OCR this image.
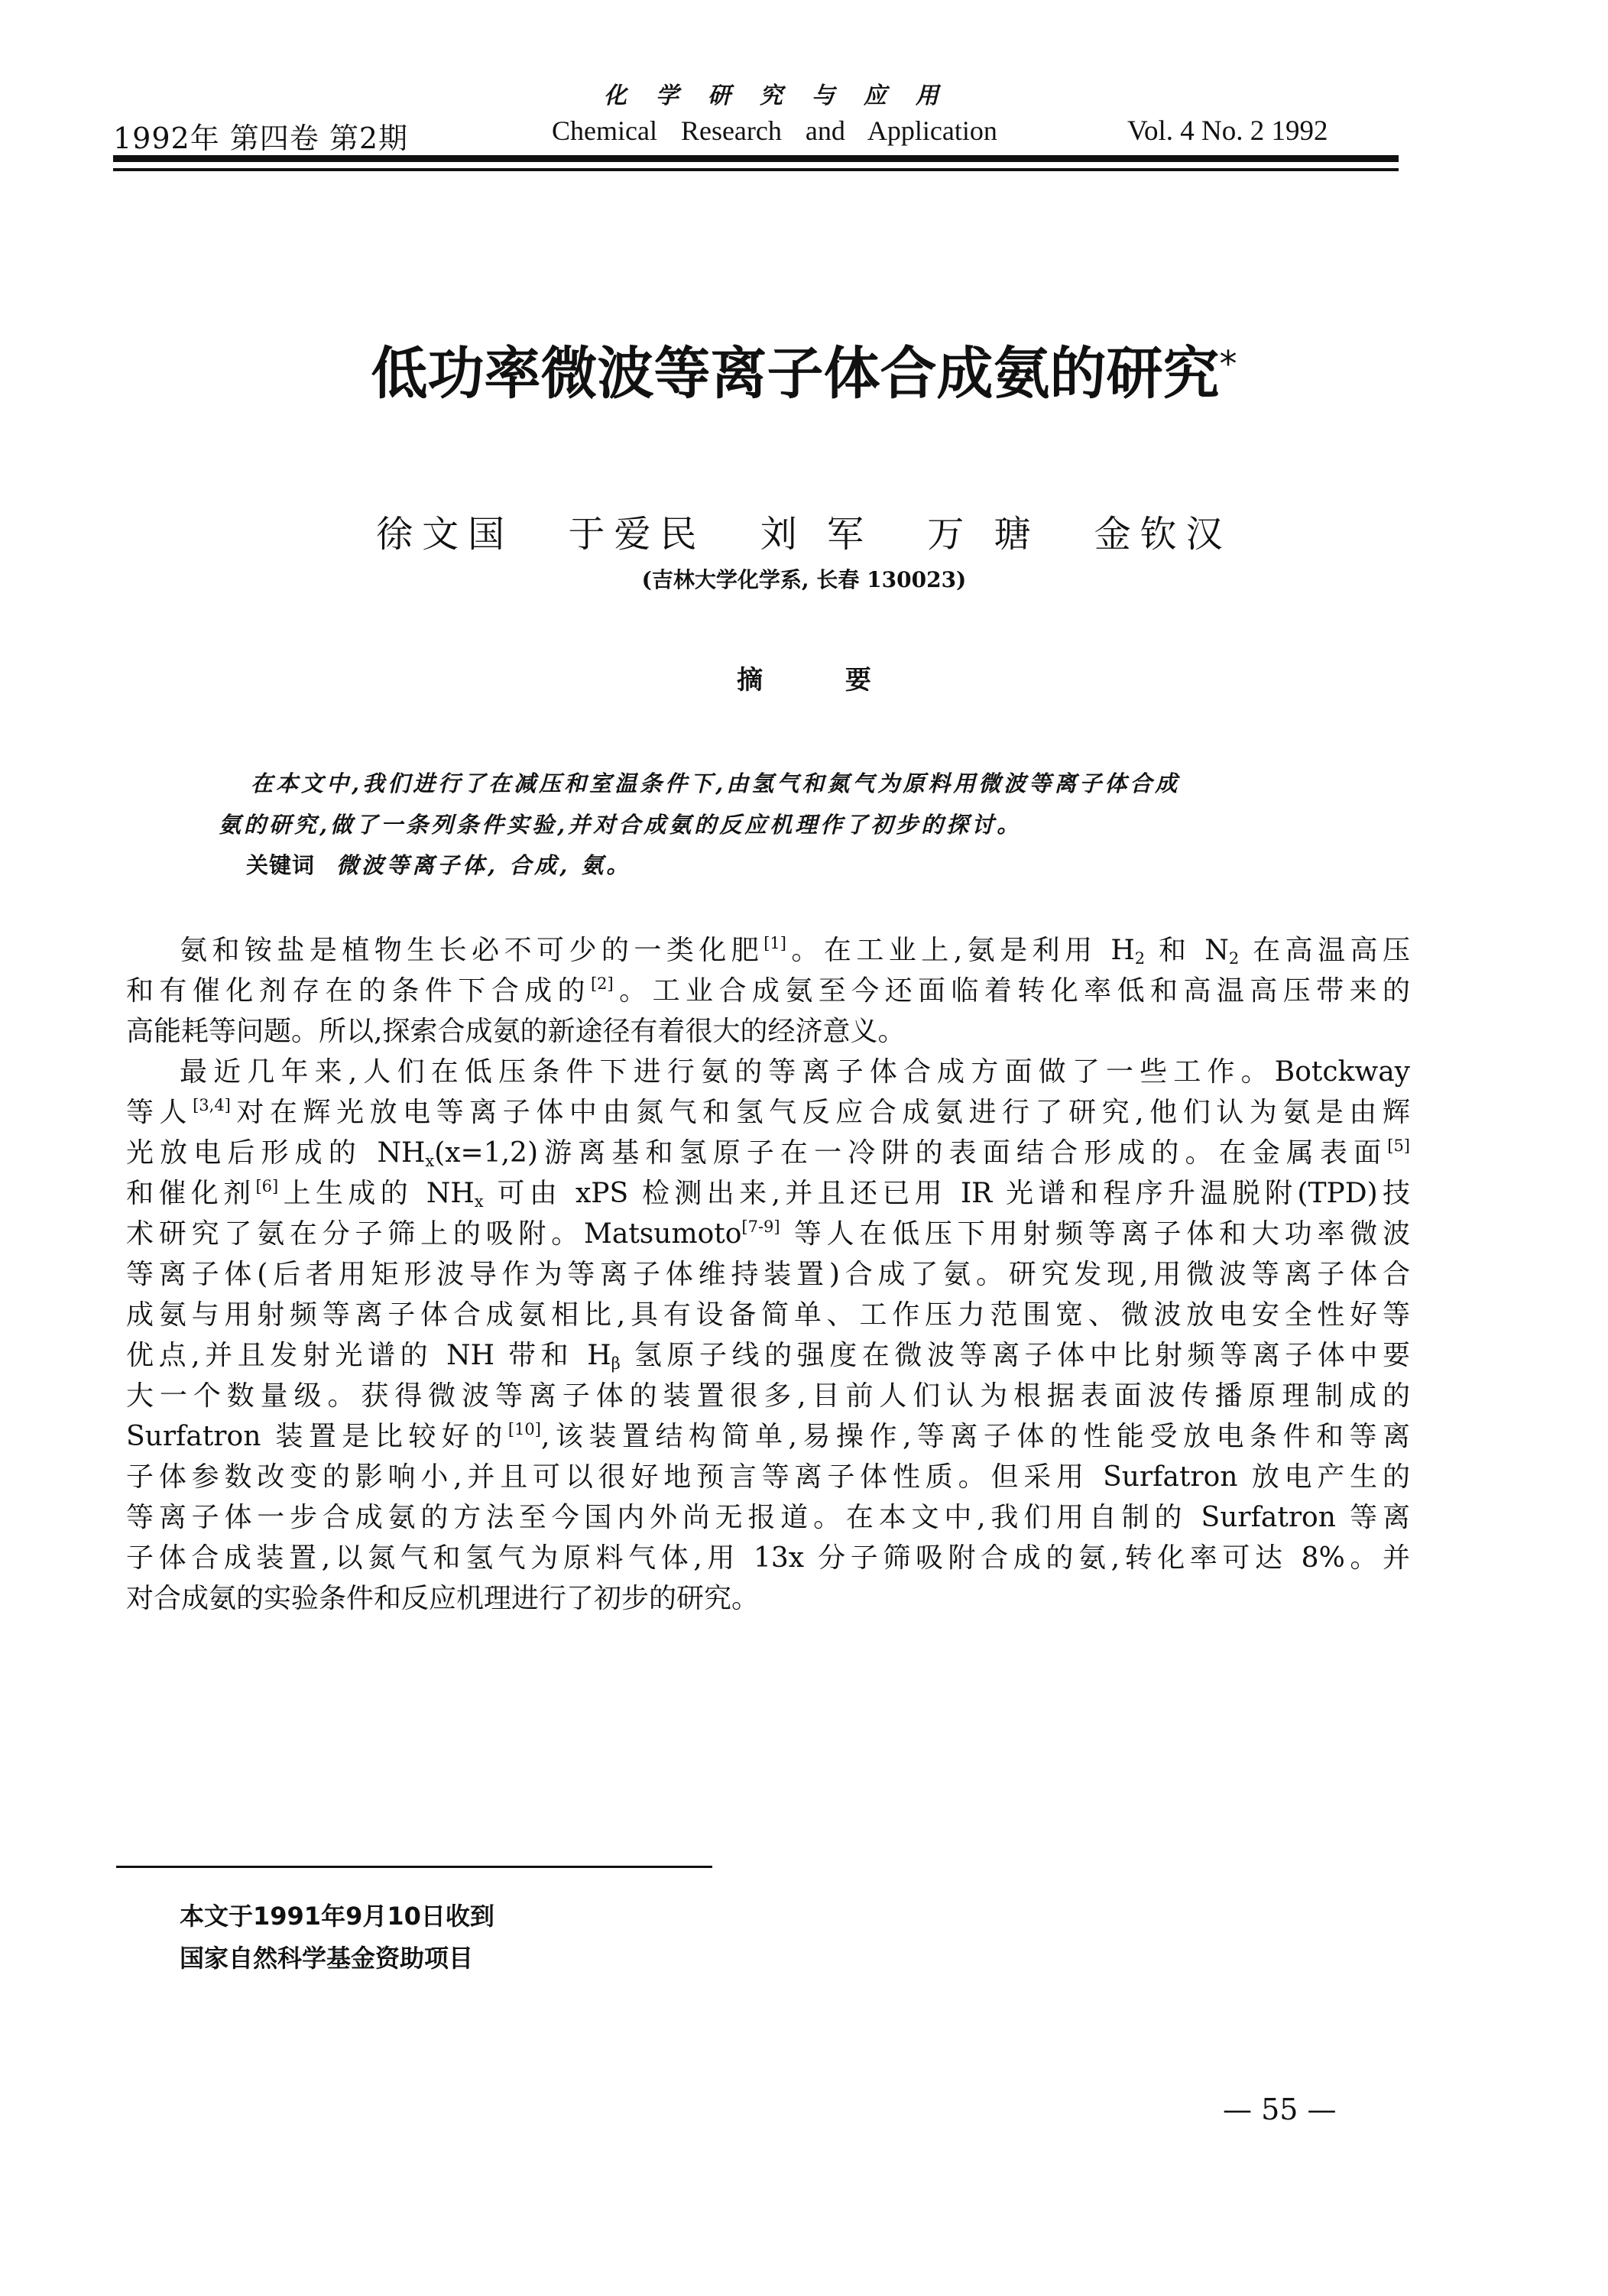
1992年 第四卷 第2期
化学研究与应用
Chemical Research and Application	Vol. 4 No. 2 1992
低功率微波等离子体合成氨的研究*
徐文国 于爱民 刘 军 万 瑭 金钦汉
(吉林大学化学系, 长春 130023)
摘 要
在本文中,我们进行了在减压和室温条件下,由氢气和氮气为原料用微波等离子体合成
氨的研究,做了一条列条件实验,并对合成氨的反应机理作了初步的探讨。
关键词 微波等离子体, 合成, 氨。
氨和铵盐是植物生长必不可少的一类化肥[1]。在工业上,氨是利用 $H_2$ 和 $N_2$ 在高温高压
和有催化剂存在的条件下合成的[2]。工业合成氨至今还面临着转化率低和高温高压带来的
高能耗等问题。所以,探索合成氨的新途径有着很大的经济意义。
最近几年来,人们在低压条件下进行氨的等离子体合成方面做了一些工作。Botckway
等人[3,4]对在辉光放电等离子体中由氮气和氢气反应合成氨进行了研究,他们认为氨是由辉
光放电后形成的 $NH_x(x=1,2)$游离基和氢原子在一冷阱的表面结合形成的。在金属表面[5]
和催化剂[6]上生成的 $NH_x$ 可由 xPS 检测出来,并且还已用 IR 光谱和程序升温脱附(TPD)技
术研究了氨在分子筛上的吸附。Matsumoto[7-9] 等人在低压下用射频等离子体和大功率微波
等离子体(后者用矩形波导作为等离子体维持装置)合成了氨。研究发现,用微波等离子体合
成氨与用射频等离子体合成氨相比,具有设备简单、工作压力范围宽、微波放电安全性好等
优点,并且发射光谱的 NH 带和 $H_\beta$ 氢原子线的强度在微波等离子体中比射频等离子体中要
大一个数量级。获得微波等离子体的装置很多,目前人们认为根据表面波传播原理制成的
Surfatron 装置是比较好的[10],该装置结构简单,易操作,等离子体的性能受放电条件和等离
子体参数改变的影响小,并且可以很好地预言等离子体性质。但采用 Surfatron 放电产生的
等离子体一步合成氨的方法至今国内外尚无报道。在本文中,我们用自制的 Surfatron 等离
子体合成装置,以氮气和氢气为原料气体,用 13x 分子筛吸附合成的氨,转化率可达 8%。并
对合成氨的实验条件和反应机理进行了初步的研究。
本文于1991年9月10日收到
国家自然科学基金资助项目
— 55 —
